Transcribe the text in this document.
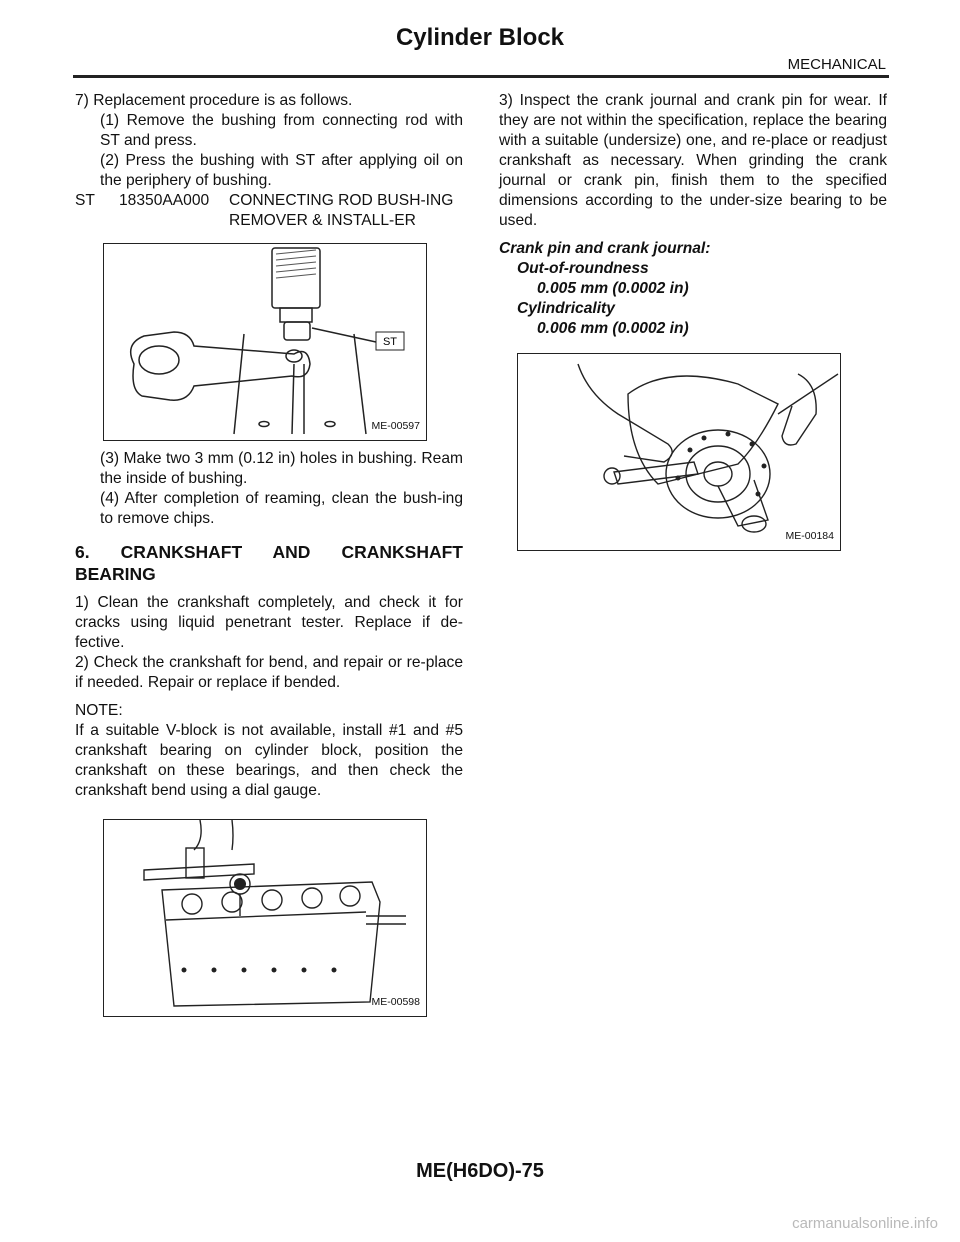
Cylinder Block
MECHANICAL

7) Replacement procedure is as follows.

(1) Remove the bushing from connecting rod with ST and press.

(2) Press the bushing with ST after applying oil on the periphery of bushing.

ST	18350AA000	CONNECTING ROD BUSH-ING REMOVER & INSTALL-ER
ST
ME-00597

(3) Make two 3 mm (0.12 in) holes in bushing. Ream the inside of bushing.

(4) After completion of reaming, clean the bush-ing to remove chips.

6. CRANKSHAFT AND CRANKSHAFT BEARING

1) Clean the crankshaft completely, and check it for cracks using liquid penetrant tester. Replace if de-fective.

2) Check the crankshaft for bend, and repair or re-place if needed. Repair or replace if bended.

NOTE:

If a suitable V-block is not available, install #1 and #5 crankshaft bearing on cylinder block, position the crankshaft on these bearings, and then check the crankshaft bend using a dial gauge.

ME-00598

3) Inspect the crank journal and crank pin for wear. If they are not within the specification, replace the bearing with a suitable (undersize) one, and re-place or readjust crankshaft as necessary. When grinding the crank journal or crank pin, finish them to the specified dimensions according to the under-size bearing to be used.

Crank pin and crank journal:

Out-of-roundness

0.005 mm (0.0002 in)

Cylindricality

0.006 mm (0.0002 in)

ME-00184
ME(H6DO)-75
carmanualsonline.info
